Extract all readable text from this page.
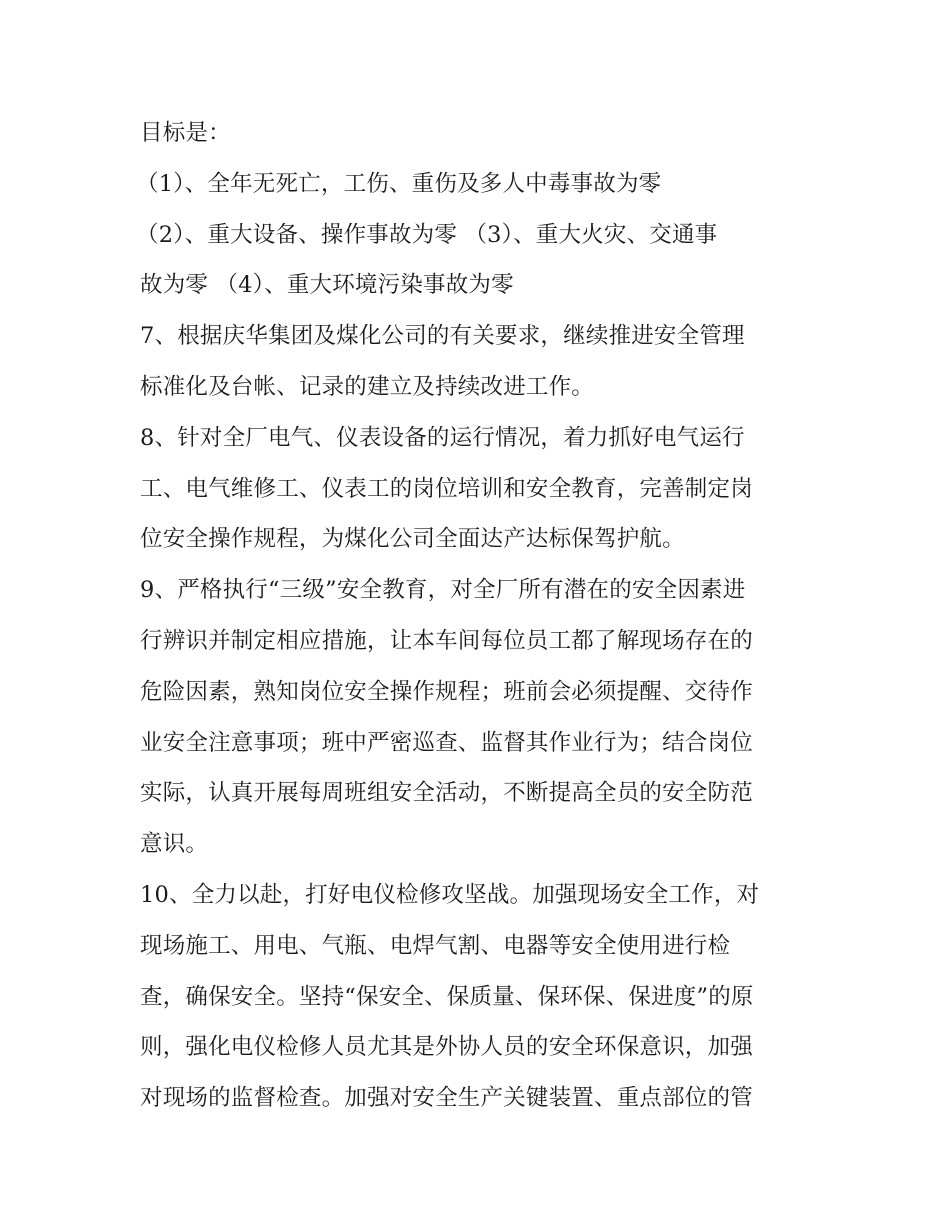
目标是：
（1）、全年无死亡，工伤、重伤及多人中毒事故为零
（2）、重大设备、操作事故为零 （3）、重大火灾、交通事
故为零 （4）、重大环境污染事故为零
7、根据庆华集团及煤化公司的有关要求，继续推进安全管理
标准化及台帐、记录的建立及持续改进工作。
8、针对全厂电气、仪表设备的运行情况，着力抓好电气运行
工、电气维修工、仪表工的岗位培训和安全教育，完善制定岗
位安全操作规程，为煤化公司全面达产达标保驾护航。
9、严格执行“三级”安全教育，对全厂所有潜在的安全因素进
行辨识并制定相应措施，让本车间每位员工都了解现场存在的
危险因素，熟知岗位安全操作规程；班前会必须提醒、交待作
业安全注意事项；班中严密巡查、监督其作业行为；结合岗位
实际，认真开展每周班组安全活动，不断提高全员的安全防范
意识。
10、全力以赴，打好电仪检修攻坚战。加强现场安全工作，对
现场施工、用电、气瓶、电焊气割、电器等安全使用进行检
查，确保安全。坚持“保安全、保质量、保环保、保进度”的原
则，强化电仪检修人员尤其是外协人员的安全环保意识，加强
对现场的监督检查。加强对安全生产关键装置、重点部位的管
